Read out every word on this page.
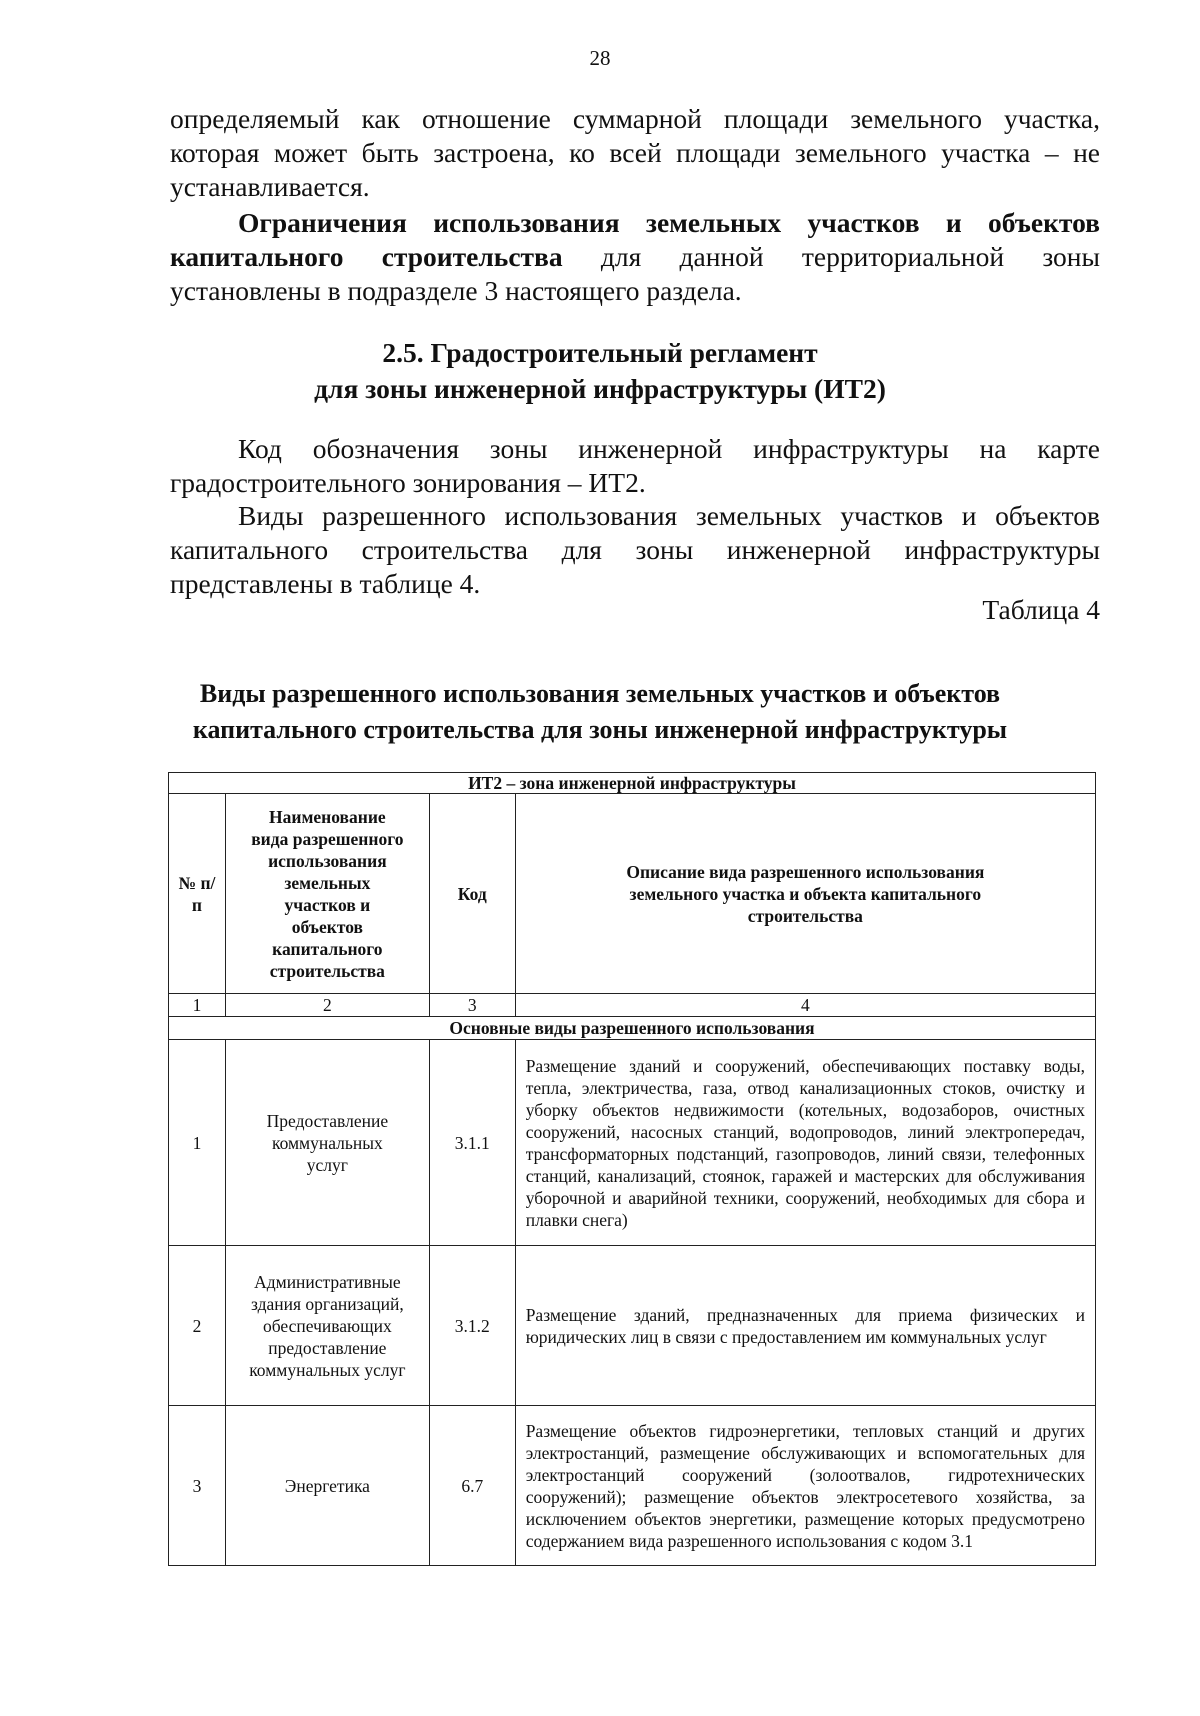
28
определяемый как отношение суммарной площади земельного участка,
которая может быть застроена, ко всей площади земельного участка – не
устанавливается.
Ограничения использования земельных участков и объектов
капитального строительства для данной территориальной зоны
установлены в подразделе 3 настоящего раздела.
2.5. Градостроительный регламент
для зоны инженерной инфраструктуры (ИТ2)
Код обозначения зоны инженерной инфраструктуры на карте
градостроительного зонирования – ИТ2.
Виды разрешенного использования земельных участков и объектов
капитального строительства для зоны инженерной инфраструктуры
представлены в таблице 4.
Таблица 4
Виды разрешенного использования земельных участков и объектов
капитального строительства для зоны инженерной инфраструктуры
ИТ2 – зона инженерной инфраструктуры			
№ п/п	Наименование вида разрешенного использования земельных участков и объектов капитального строительства	Код	Описание вида разрешенного использования земельного участка и объекта капитального строительства
1	2	3	4
Основные виды разрешенного использования			
1	Предоставление коммунальных услуг	3.1.1	Размещение зданий и сооружений, обеспечивающих поставку воды, тепла, электричества, газа, отвод канализационных стоков, очистку и уборку объектов недвижимости (котельных, водозаборов, очистных сооружений, насосных станций, водопроводов, линий электропередач, трансформаторных подстанций, газопроводов, линий связи, телефонных станций, канализаций, стоянок, гаражей и мастерских для обслуживания уборочной и аварийной техники, сооружений, необходимых для сбора и плавки снега)
2	Административные здания организаций, обеспечивающих предоставление коммунальных услуг	3.1.2	Размещение зданий, предназначенных для приема физических и юридических лиц в связи с предоставлением им коммунальных услуг
3	Энергетика	6.7	Размещение объектов гидроэнергетики, тепловых станций и других электростанций, размещение обслуживающих и вспомогательных для электростанций сооружений (золоотвалов, гидротехнических сооружений); размещение объектов электросетевого хозяйства, за исключением объектов энергетики, размещение которых предусмотрено содержанием вида разрешенного использования с кодом 3.1
